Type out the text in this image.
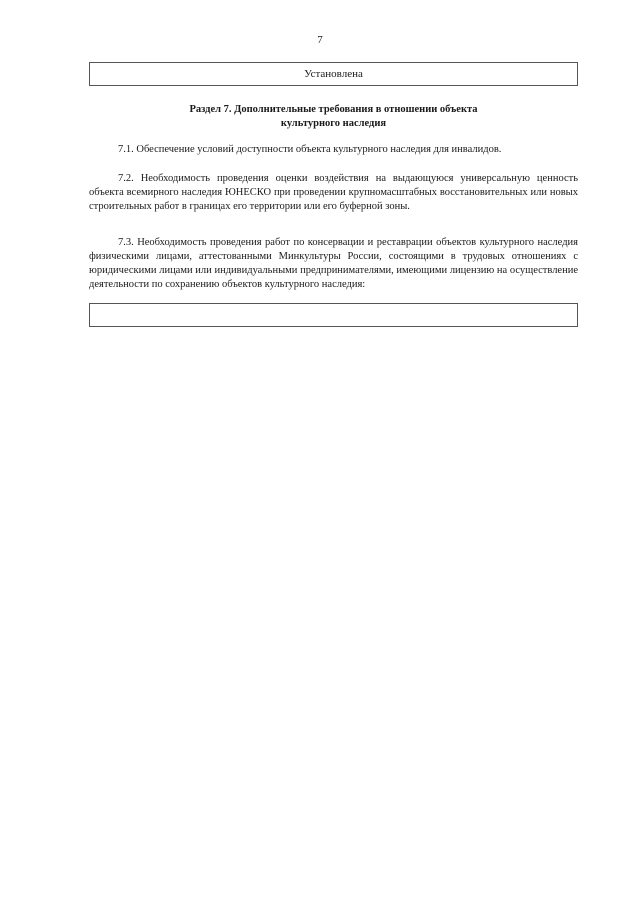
7
Установлена
Раздел 7. Дополнительные требования в отношении объекта
культурного наследия

7.1. Обеспечение условий доступности объекта культурного наследия для инвалидов.

7.2. Необходимость проведения оценки воздействия на выдающуюся универсальную ценность объекта всемирного наследия ЮНЕСКО при проведении крупномасштабных восстановительных или новых строительных работ в границах его территории или его буферной зоны.

7.3. Необходимость проведения работ по консервации и реставрации объектов культурного наследия физическими лицами, аттестованными Минкультуры России, состоящими в трудовых отношениях с юридическими лицами или индивидуальными предпринимателями, имеющими лицензию на осуществление деятельности по сохранению объектов культурного наследия:
